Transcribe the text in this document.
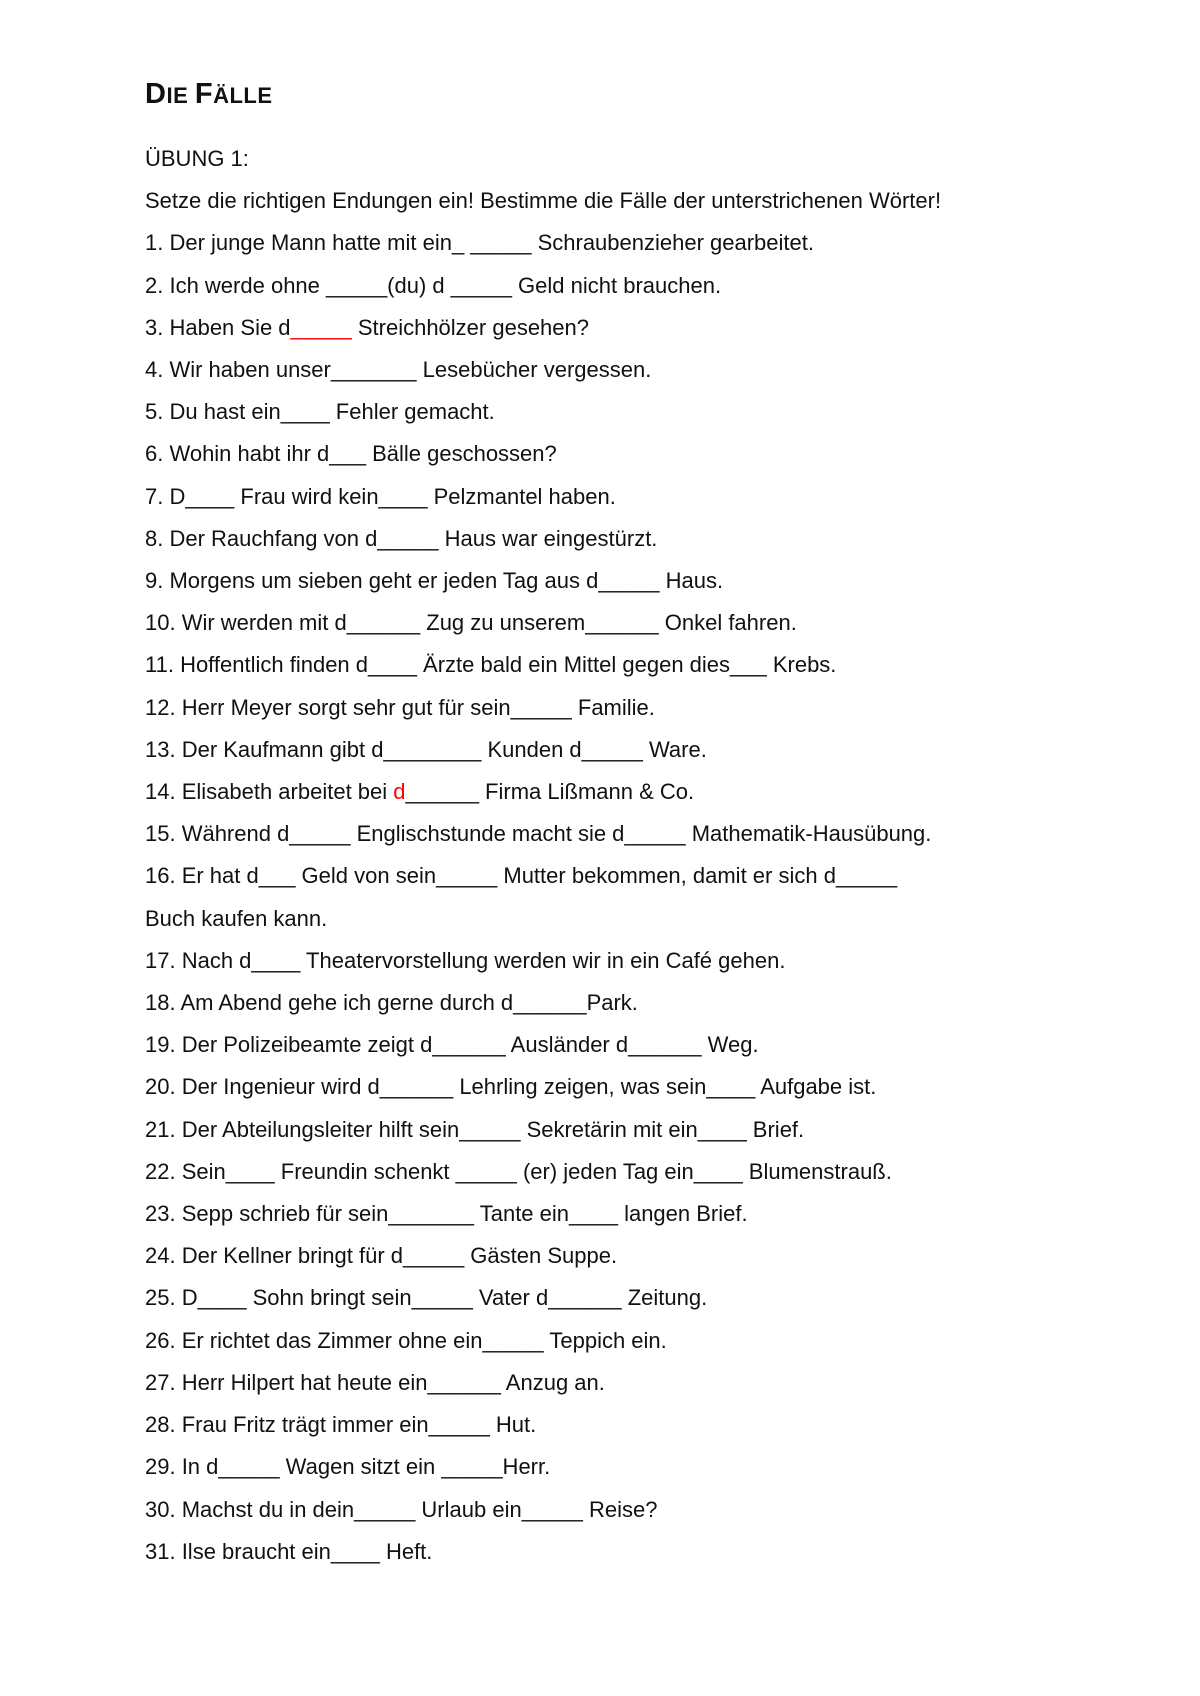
DIE FÄLLE

ÜBUNG 1:

Setze die richtigen Endungen ein! Bestimme die Fälle der unterstrichenen Wörter!

1. Der junge Mann hatte mit ein_ _____ Schraubenzieher gearbeitet.
2. Ich werde ohne _____(du) d _____ Geld nicht brauchen.
3. Haben Sie d_____ Streichhölzer gesehen?
4. Wir haben unser_______ Lesebücher vergessen.
5. Du hast ein____ Fehler gemacht.
6. Wohin habt ihr d___ Bälle geschossen?
7. D____ Frau wird kein____ Pelzmantel haben.
8. Der Rauchfang von d_____ Haus war eingestürzt.
9. Morgens um sieben geht er jeden Tag aus d_____ Haus.
10. Wir werden mit d______ Zug zu unserem______ Onkel fahren.
11. Hoffentlich finden d____ Ärzte bald ein Mittel gegen dies___ Krebs.
12. Herr Meyer sorgt sehr gut für sein_____ Familie.
13. Der Kaufmann gibt d________ Kunden d_____ Ware.
14. Elisabeth arbeitet bei d______ Firma Lißmann & Co.
15. Während d_____ Englischstunde macht sie d_____ Mathematik-Hausübung.
16. Er hat d___ Geld von sein_____ Mutter bekommen, damit er sich d_____
Buch kaufen kann.
17. Nach d____ Theatervorstellung werden wir in ein Café gehen.
18. Am Abend gehe ich gerne durch d______Park.
19. Der Polizeibeamte zeigt d______ Ausländer d______ Weg.
20. Der Ingenieur wird d______ Lehrling zeigen, was sein____ Aufgabe ist.
21. Der Abteilungsleiter hilft sein_____ Sekretärin mit ein____ Brief.
22. Sein____ Freundin schenkt _____ (er) jeden Tag ein____ Blumenstrauß.
23. Sepp schrieb für sein_______ Tante ein____ langen Brief.
24. Der Kellner bringt für d_____ Gästen Suppe.
25. D____ Sohn bringt sein_____ Vater d______ Zeitung.
26. Er richtet das Zimmer ohne ein_____ Teppich ein.
27. Herr Hilpert hat heute ein______ Anzug an.
28. Frau Fritz trägt immer ein_____ Hut.
29. In d_____ Wagen sitzt ein _____Herr.
30. Machst du in dein_____ Urlaub ein_____ Reise?
31. Ilse braucht ein____ Heft.
